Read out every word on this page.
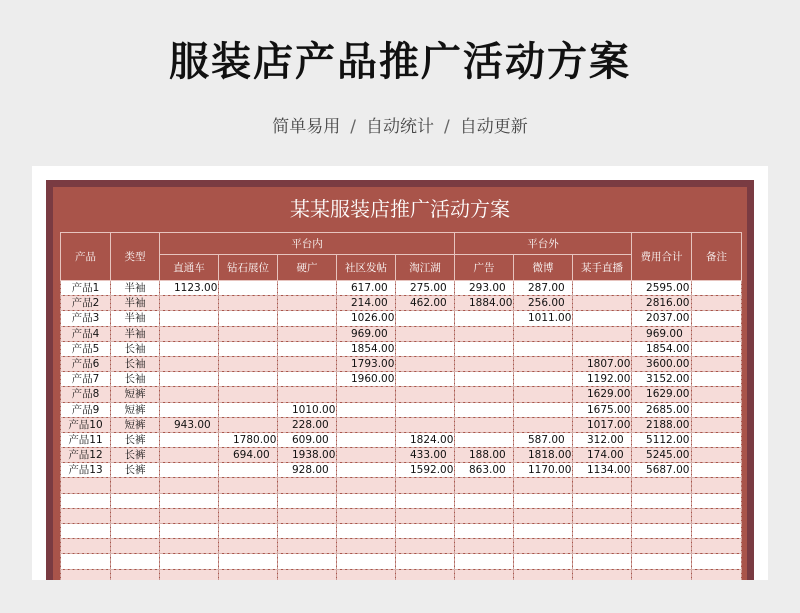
服装店产品推广活动方案
简单易用 / 自动统计 / 自动更新
某某服装店推广活动方案
产品	类型	平台内					平台外			费用合计	备注
		直通车	钻石展位	硬广	社区发帖	淘江湖	广告	微博	某手直播		
产品1	半袖	1123.00			617.00	275.00	293.00	287.00		2595.00	
产品2	半袖				214.00	462.00	1884.00	256.00		2816.00	
产品3	半袖				1026.00			1011.00		2037.00	
产品4	半袖				969.00					969.00	
产品5	长袖				1854.00					1854.00	
产品6	长袖				1793.00				1807.00	3600.00	
产品7	长袖				1960.00				1192.00	3152.00	
产品8	短裤								1629.00	1629.00	
产品9	短裤			1010.00					1675.00	2685.00	
产品10	短裤	943.00		228.00					1017.00	2188.00	
产品11	长裤		1780.00	609.00		1824.00		587.00	312.00	5112.00	
产品12	长裤		694.00	1938.00		433.00	188.00	1818.00	174.00	5245.00	
产品13	长裤			928.00		1592.00	863.00	1170.00	1134.00	5687.00	
